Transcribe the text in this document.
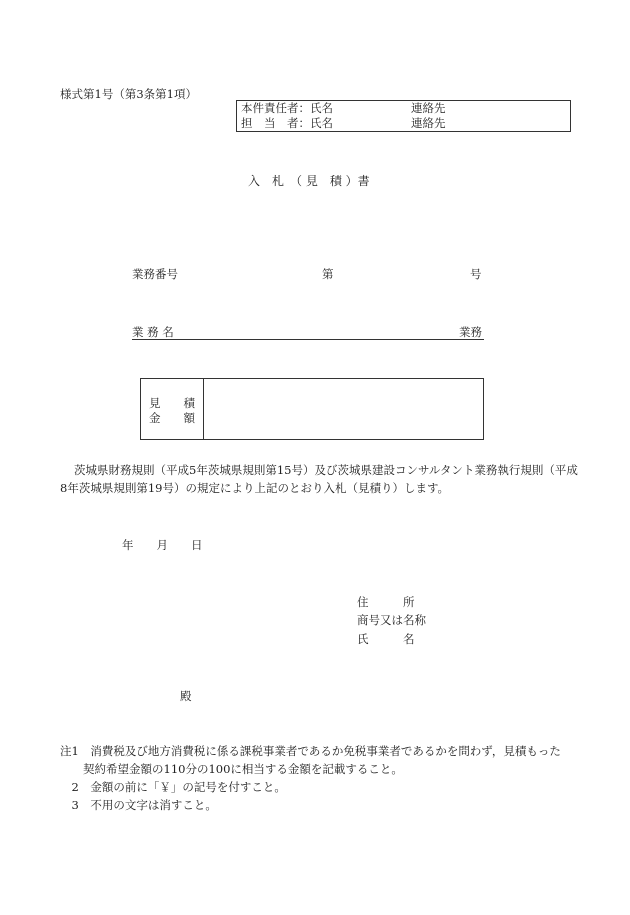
様式第1号（第3条第1項）
本件責任者：氏名	連絡先
担　当　者：氏名	連絡先
入　札　（ 見　積 ）書
業務番号	第	号
業 務 名	業務
見　　積
金　　額
茨城県財務規則（平成5年茨城県規則第15号）及び茨城県建設コンサルタント業務執行規則（平成8年茨城県規則第19号）の規定により上記のとおり入札（見積り）します。
年　　月　　日
住　　　所
商号又は名称
氏　　　名
殿
注1　消費税及び地方消費税に係る課税事業者であるか免税事業者であるかを問わず，見積もった
　　契約希望金額の110分の100に相当する金額を記載すること。
　2　金額の前に「￥」の記号を付すこと。
　3　不用の文字は消すこと。
